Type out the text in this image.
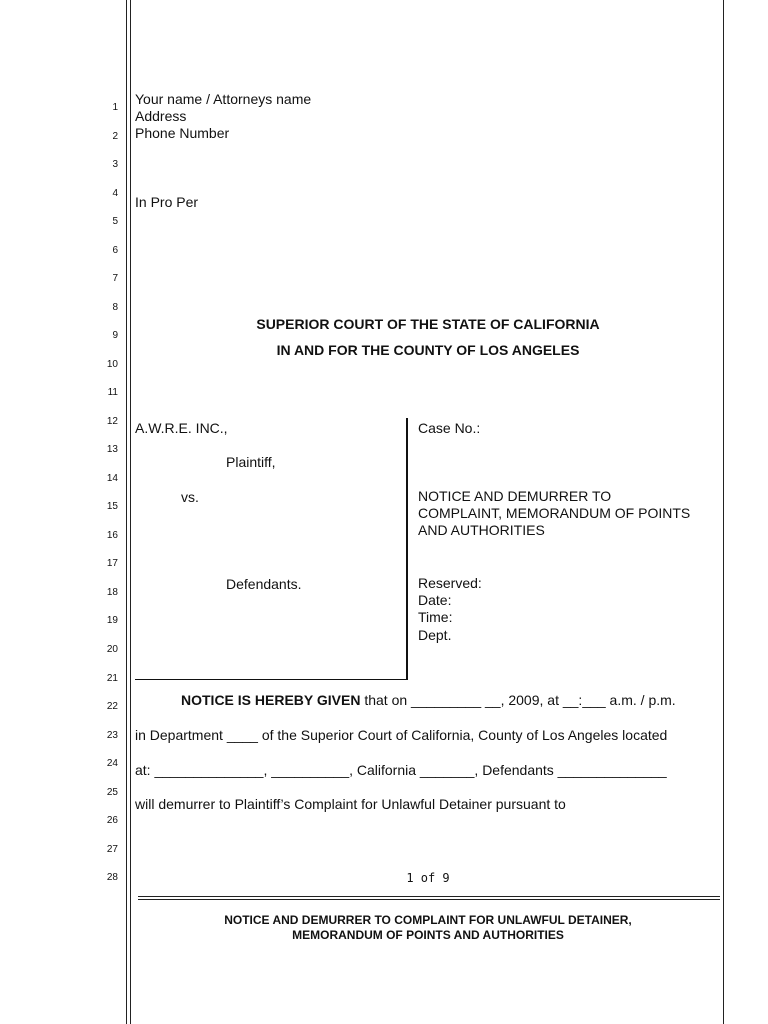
1
2
3
4
5
6
7
8
9
10
11
12
13
14
15
16
17
18
19
20
21
22
23
24
25
26
27
28
Your name / Attorneys name
Address
Phone Number
In Pro Per
SUPERIOR COURT OF THE STATE OF CALIFORNIA
IN AND FOR THE COUNTY OF LOS ANGELES
A.W.R.E. INC.,
Plaintiff,
vs.
Defendants.
Case No.:
NOTICE AND DEMURRER TO
COMPLAINT, MEMORANDUM OF POINTS
AND AUTHORITIES
Reserved:
Date:
Time:
Dept.
NOTICE IS HEREBY GIVEN that on _________ __, 2009, at __:___ a.m. / p.m.
in Department ____ of the Superior Court of California, County of Los Angeles located
at: ______________, __________, California _______, Defendants ______________
will demurrer to Plaintiff’s Complaint for Unlawful Detainer pursuant to
1 of 9
NOTICE AND DEMURRER TO COMPLAINT FOR UNLAWFUL DETAINER,
MEMORANDUM OF POINTS AND AUTHORITIES
